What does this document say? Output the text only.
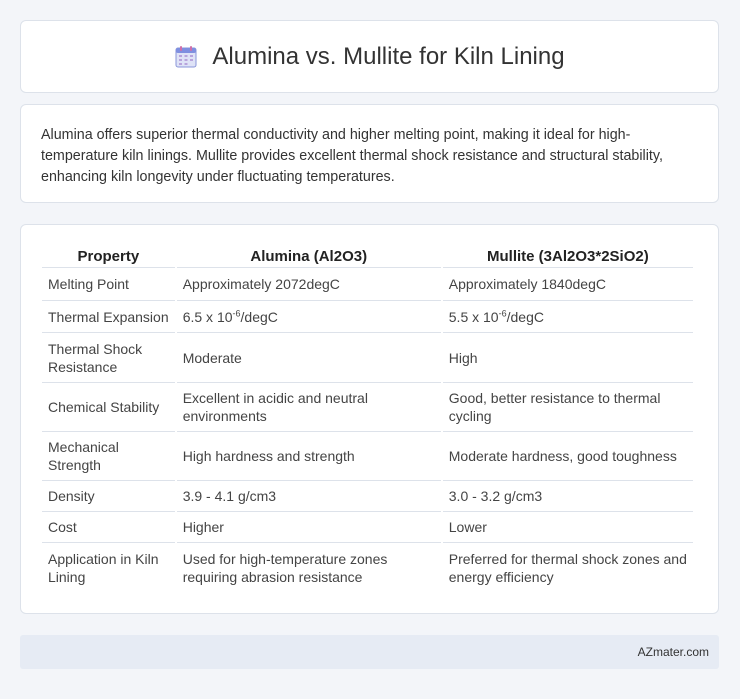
Alumina vs. Mullite for Kiln Lining

Alumina offers superior thermal conductivity and higher melting point, making it ideal for high-temperature kiln linings. Mullite provides excellent thermal shock resistance and structural stability, enhancing kiln longevity under fluctuating temperatures.

Property	Alumina (Al2O3)	Mullite (3Al2O3*2SiO2)
Melting Point	Approximately 2072degC	Approximately 1840degC
Thermal Expansion	6.5 x $10^{-6}$/degC	5.5 x $10^{-6}$/degC
Thermal Shock Resistance	Moderate	High
Chemical Stability	Excellent in acidic and neutral environments	Good, better resistance to thermal cycling
Mechanical Strength	High hardness and strength	Moderate hardness, good toughness
Density	3.9 - 4.1 g/cm3	3.0 - 3.2 g/cm3
Cost	Higher	Lower
Application in Kiln Lining	Used for high-temperature zones requiring abrasion resistance	Preferred for thermal shock zones and energy efficiency
AZmater.com
